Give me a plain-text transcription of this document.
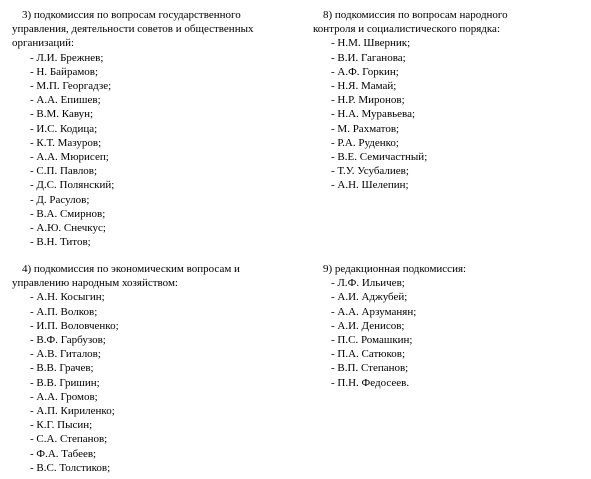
3) подкомиссия по вопросам государственного
управления, деятельности советов и общественных
организаций:
- Л.И. Брежнев;
- Н. Байрамов;
- М.П. Георгадзе;
- А.А. Епишев;
- В.М. Кавун;
- И.С. Кодица;
- К.Т. Мазуров;
- А.А. Мюрисеп;
- С.П. Павлов;
- Д.С. Полянский;
- Д. Расулов;
- В.А. Смирнов;
- А.Ю. Снечкус;
- В.Н. Титов;
8) подкомиссия по вопросам народного
контроля и социалистического порядка:
- Н.М. Шверник;
- В.И. Гаганова;
- А.Ф. Горкин;
- Н.Я. Мамай;
- Н.Р. Миронов;
- Н.А. Муравьева;
- М. Рахматов;
- Р.А. Руденко;
- В.Е. Семичастный;
- Т.У. Усубалиев;
- А.Н. Шелепин;
4) подкомиссия по экономическим вопросам и
управлению народным хозяйством:
- А.Н. Косыгин;
- А.П. Волков;
- И.П. Воловченко;
- В.Ф. Гарбузов;
- А.В. Гиталов;
- В.В. Грачев;
- В.В. Гришин;
- А.А. Громов;
- А.П. Кириленко;
- К.Г. Пысин;
- С.А. Степанов;
- Ф.А. Табеев;
- В.С. Толстиков;
9) редакционная подкомиссия:
- Л.Ф. Ильичев;
- А.И. Аджубей;
- А.А. Арзуманян;
- А.И. Денисов;
- П.С. Ромашкин;
- П.А. Сатюков;
- В.П. Степанов;
- П.Н. Федосеев.
